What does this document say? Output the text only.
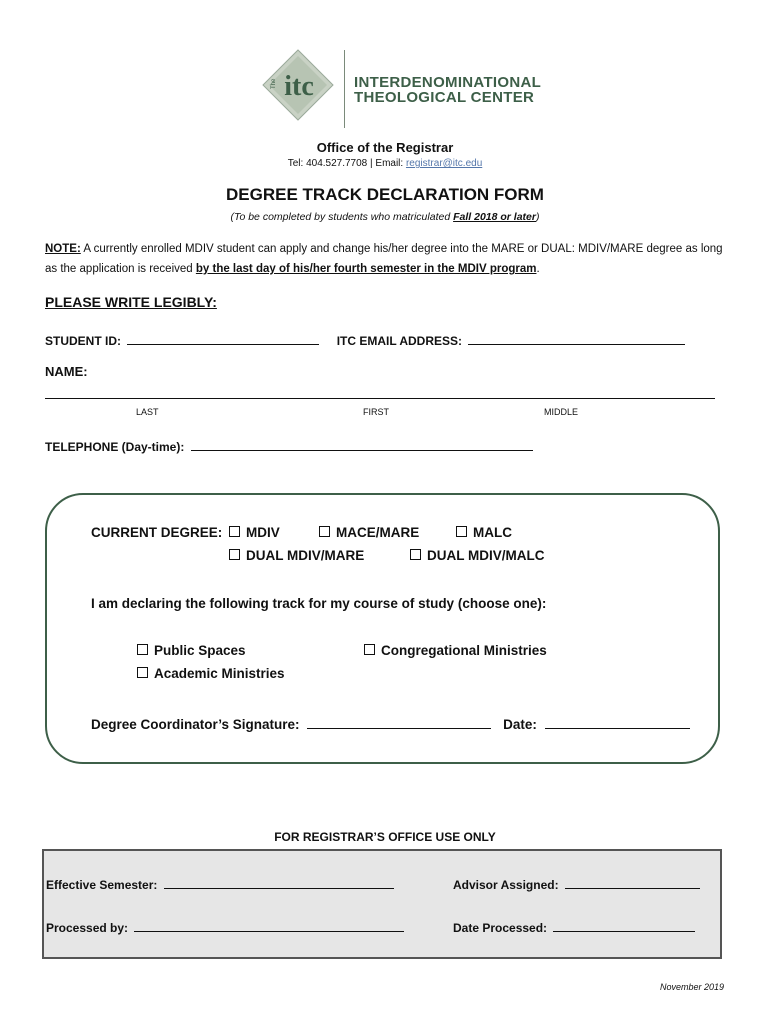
itc
The	INTERDENOMINATIONAL
THEOLOGICAL CENTER
Office of the Registrar
Tel: 404.527.7708 | Email: registrar@itc.edu
DEGREE TRACK DECLARATION FORM
(To be completed by students who matriculated Fall 2018 or later)
NOTE: A currently enrolled MDIV student can apply and change his/her degree into the MARE or DUAL: MDIV/MARE degree as long as the application is received by the last day of his/her fourth semester in the MDIV program.
PLEASE WRITE LEGIBLY:
STUDENT ID:	ITC EMAIL ADDRESS:
NAME:
LAST	FIRST	MIDDLE
TELEPHONE (Day-time):
CURRENT DEGREE:	MDIV	MACE/MARE	MALC
DUAL MDIV/MARE	DUAL MDIV/MALC
I am declaring the following track for my course of study (choose one):
Public Spaces	Congregational Ministries
Academic Ministries
Degree Coordinator’s Signature:	Date:
FOR REGISTRAR’S OFFICE USE ONLY
Effective Semester:	Advisor Assigned:
Processed by:	Date Processed:
November 2019
